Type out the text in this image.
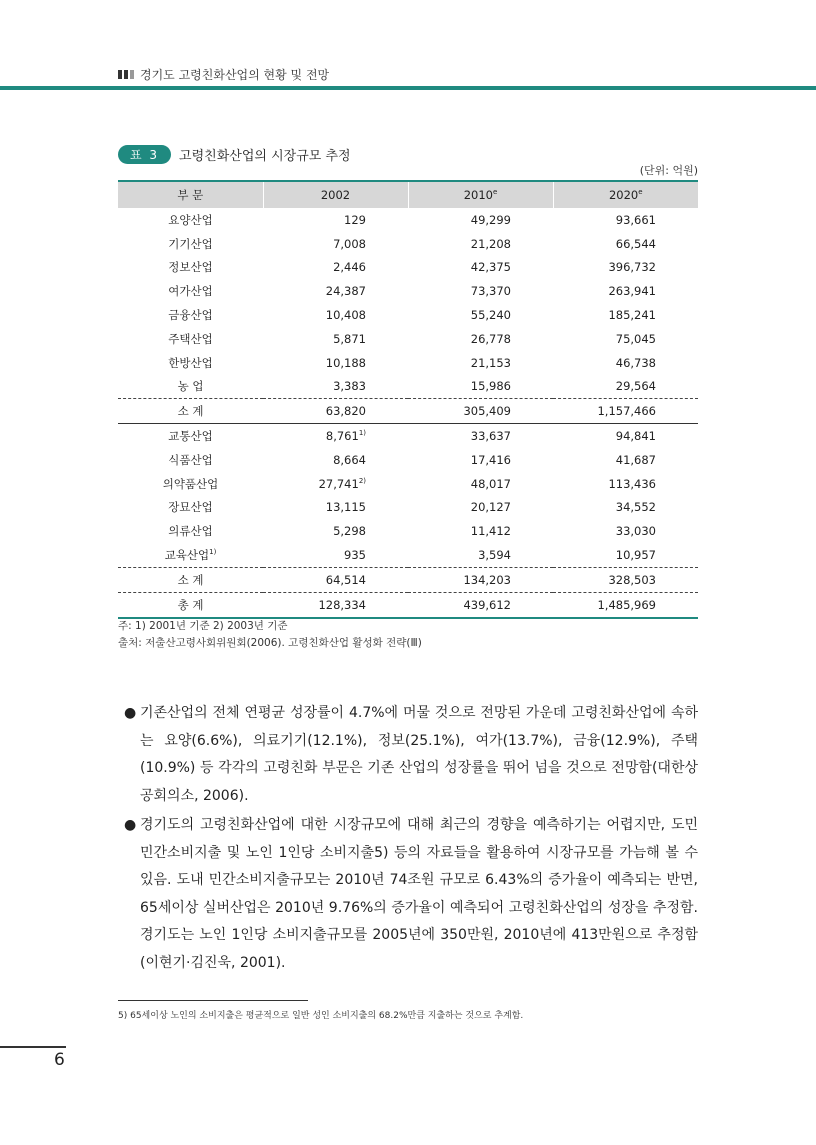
경기도 고령친화산업의 현황 및 전망
표 3	고령친화산업의 시장규모 추정
(단위: 억원)
부 문	2002	2010e	2020e
요양산업	129	49,299	93,661
기기산업	7,008	21,208	66,544
정보산업	2,446	42,375	396,732
여가산업	24,387	73,370	263,941
금융산업	10,408	55,240	185,241
주택산업	5,871	26,778	75,045
한방산업	10,188	21,153	46,738
농 업	3,383	15,986	29,564
소 계	63,820	305,409	1,157,466
교통산업	8,761$^{1)}$	33,637	94,841
식품산업	8,664	17,416	41,687
의약품산업	27,741$^{2)}$	48,017	113,436
장묘산업	13,115	20,127	34,552
의류산업	5,298	11,412	33,030
교육산업$^{1)}$	935	3,594	10,957
소 계	64,514	134,203	328,503
총 계	128,334	439,612	1,485,969
주: 1) 2001년 기준 2) 2003년 기준
출처: 저출산고령사회위원회(2006). 고령친화산업 활성화 전략(Ⅲ)
● 기존산업의 전체 연평균 성장률이 4.7%에 머물 것으로 전망된 가운데 고령친화산업에 속하는 요양(6.6%), 의료기기(12.1%), 정보(25.1%), 여가(13.7%), 금융(12.9%), 주택(10.9%) 등 각각의 고령친화 부문은 기존 산업의 성장률을 뛰어 넘을 것으로 전망함(대한상공회의소, 2006).
● 경기도의 고령친화산업에 대한 시장규모에 대해 최근의 경향을 예측하기는 어렵지만, 도민 민간소비지출 및 노인 1인당 소비지출5) 등의 자료들을 활용하여 시장규모를 가늠해 볼 수 있음. 도내 민간소비지출규모는 2010년 74조원 규모로 6.43%의 증가율이 예측되는 반면, 65세이상 실버산업은 2010년 9.76%의 증가율이 예측되어 고령친화산업의 성장을 추정함. 경기도는 노인 1인당 소비지출규모를 2005년에 350만원, 2010년에 413만원으로 추정함(이현기·김진욱, 2001).
5) 65세이상 노인의 소비지출은 평균적으로 일반 성인 소비지출의 68.2%만큼 지출하는 것으로 추계함.
6
